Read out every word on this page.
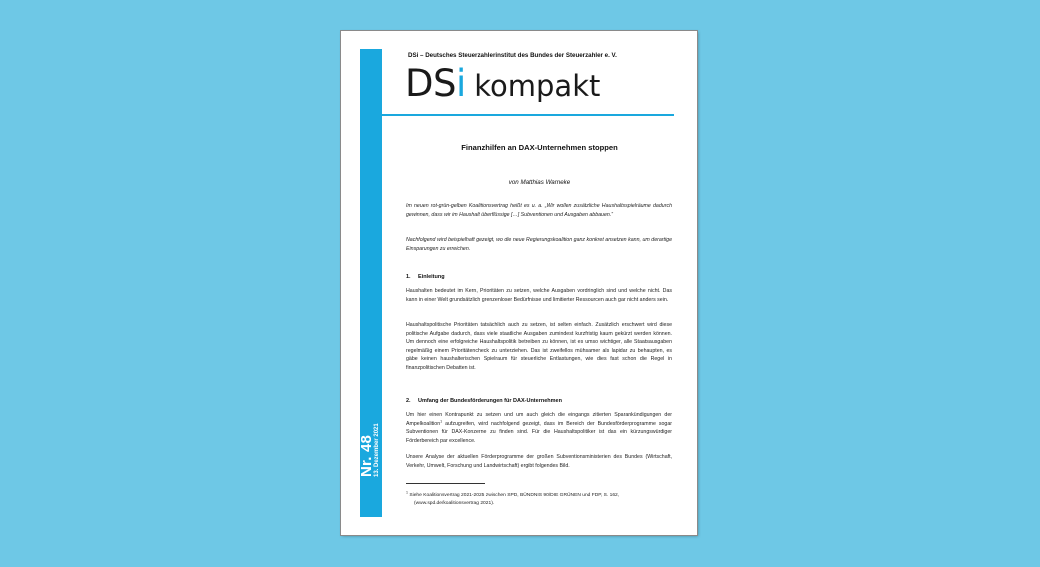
Nr. 48 13. Dezember 2021
DSi – Deutsches Steuerzahlerinstitut des Bundes der Steuerzahler e. V.
DSi kompakt
Finanzhilfen an DAX-Unternehmen stoppen
von Matthias Warneke

Im neuen rot-grün-gelben Koalitionsvertrag heißt es u. a. „Wir wollen zusätzliche Haushaltsspielräume dadurch gewinnen, dass wir im Haushalt überflüssige […] Subventionen und Ausgaben abbauen.“

Nachfolgend wird beispielhaft gezeigt, wo die neue Regierungskoalition ganz konkret ansetzen kann, um derartige Einsparungen zu erreichen.

1. Einleitung

Haushalten bedeutet im Kern, Prioritäten zu setzen, welche Ausgaben vordringlich sind und welche nicht. Das kann in einer Welt grundsätzlich grenzenloser Bedürfnisse und limitierter Ressourcen auch gar nicht anders sein.

Haushaltspolitische Prioritäten tatsächlich auch zu setzen, ist selten einfach. Zusätzlich erschwert wird diese politische Aufgabe dadurch, dass viele staatliche Ausgaben zumindest kurzfristig kaum gekürzt werden können. Um dennoch eine erfolgreiche Haushaltspolitik betreiben zu können, ist es umso wichtiger, alle Staatsausgaben regelmäßig einem Prioritätencheck zu unterziehen. Das ist zweifellos mühsamer als lapidar zu behaupten, es gäbe keinen haushalterischen Spielraum für steuerliche Entlastungen, wie dies fast schon die Regel in finanzpolitischen Debatten ist.

2. Umfang der Bundesförderungen für DAX-Unternehmen

Um hier einen Kontrapunkt zu setzen und um auch gleich die eingangs zitierten Sparankündigungen der Ampelkoalition$^1$ aufzugreifen, wird nachfolgend gezeigt, dass im Bereich der Bundesförderprogramme sogar Subventionen für DAX-Konzerne zu finden sind. Für die Haushaltspolitiker ist das ein kürzungswürdiger Förderbereich par excellence.

Unsere Analyse der aktuellen Förderprogramme der großen Subventionsministerien des Bundes (Wirtschaft, Verkehr, Umwelt, Forschung und Landwirtschaft) ergibt folgendes Bild.

$^1$ Siehe Koalitionsvertrag 2021-2025 zwischen SPD, BÜNDNIS 90/DIE GRÜNEN und FDP, S. 162,
(www.spd.de/koalitionsvertrag 2021).
